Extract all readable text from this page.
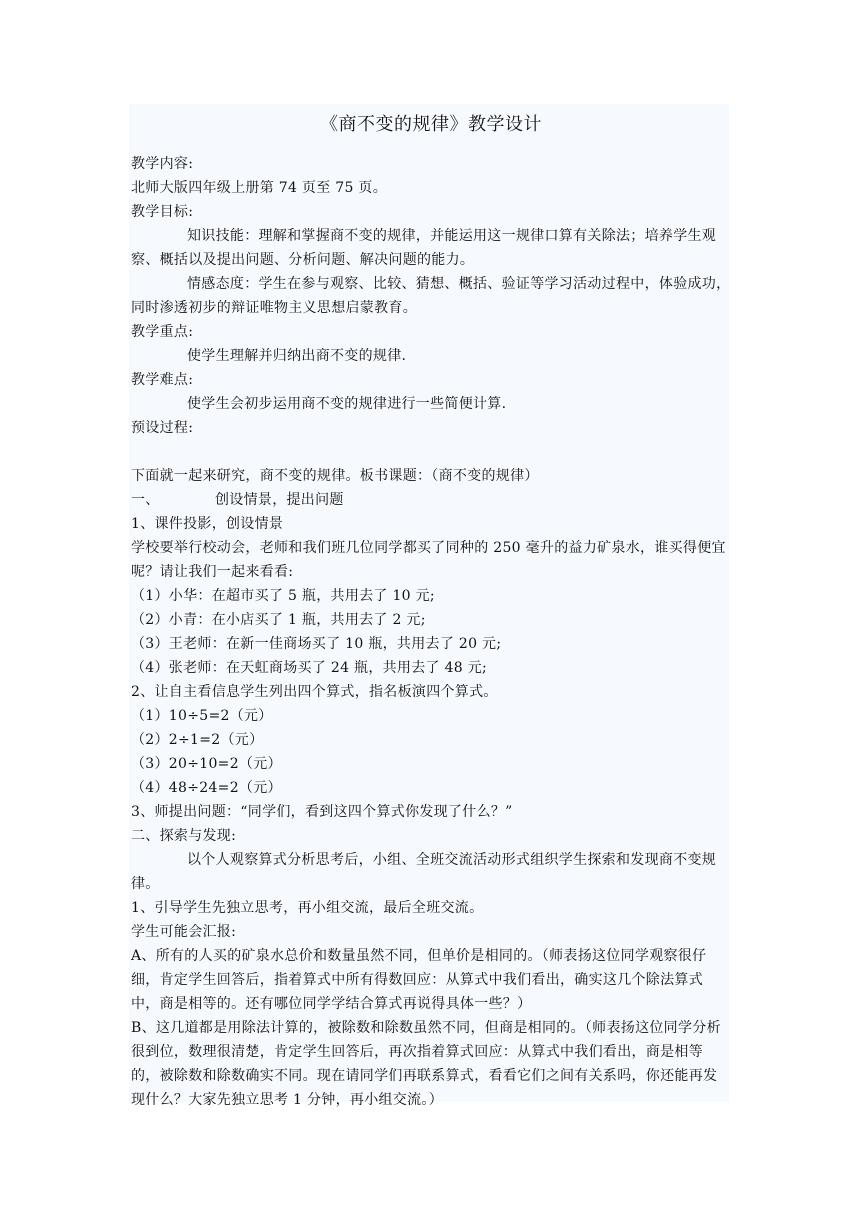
《商不变的规律》教学设计

教学内容:

北师大版四年级上册第 74 页至 75 页。

教学目标:

知识技能：理解和掌握商不变的规律，并能运用这一规律口算有关除法；培养学生观察、概括以及提出问题、分析问题、解决问题的能力。

情感态度：学生在参与观察、比较、猜想、概括、验证等学习活动过程中，体验成功，同时渗透初步的辩证唯物主义思想启蒙教育。

教学重点:

使学生理解并归纳出商不变的规律.

教学难点:

使学生会初步运用商不变的规律进行一些简便计算.

预设过程:

下面就一起来研究，商不变的规律。板书课题：（商不变的规律）

一、	创设情景，提出问题

1、课件投影，创设情景

学校要举行校动会，老师和我们班几位同学都买了同种的 250 毫升的益力矿泉水，谁买得便宜呢？请让我们一起来看看:

（1）小华：在超市买了 5 瓶，共用去了 10 元;

（2）小青：在小店买了 1 瓶，共用去了 2 元;

（3）王老师：在新一佳商场买了 10 瓶，共用去了 20 元;

（4）张老师：在天虹商场买了 24 瓶，共用去了 48 元;

2、让自主看信息学生列出四个算式，指名板演四个算式。

（1）10÷5=2（元）

（2）2÷1=2（元）

（3）20÷10=2（元）

（4）48÷24=2（元）

3、师提出问题：“同学们，看到这四个算式你发现了什么？”

二、探索与发现:

以个人观察算式分析思考后，小组、全班交流活动形式组织学生探索和发现商不变规律。

1、引导学生先独立思考，再小组交流，最后全班交流。

学生可能会汇报:

A、所有的人买的矿泉水总价和数量虽然不同，但单价是相同的。（师表扬这位同学观察很仔细，肯定学生回答后，指着算式中所有得数回应：从算式中我们看出，确实这几个除法算式中，商是相等的。还有哪位同学学结合算式再说得具体一些？）

B、这几道都是用除法计算的，被除数和除数虽然不同，但商是相同的。（师表扬这位同学分析很到位，数理很清楚，肯定学生回答后，再次指着算式回应：从算式中我们看出，商是相等的，被除数和除数确实不同。现在请同学们再联系算式，看看它们之间有关系吗，你还能再发现什么？大家先独立思考 1 分钟，再小组交流。）
